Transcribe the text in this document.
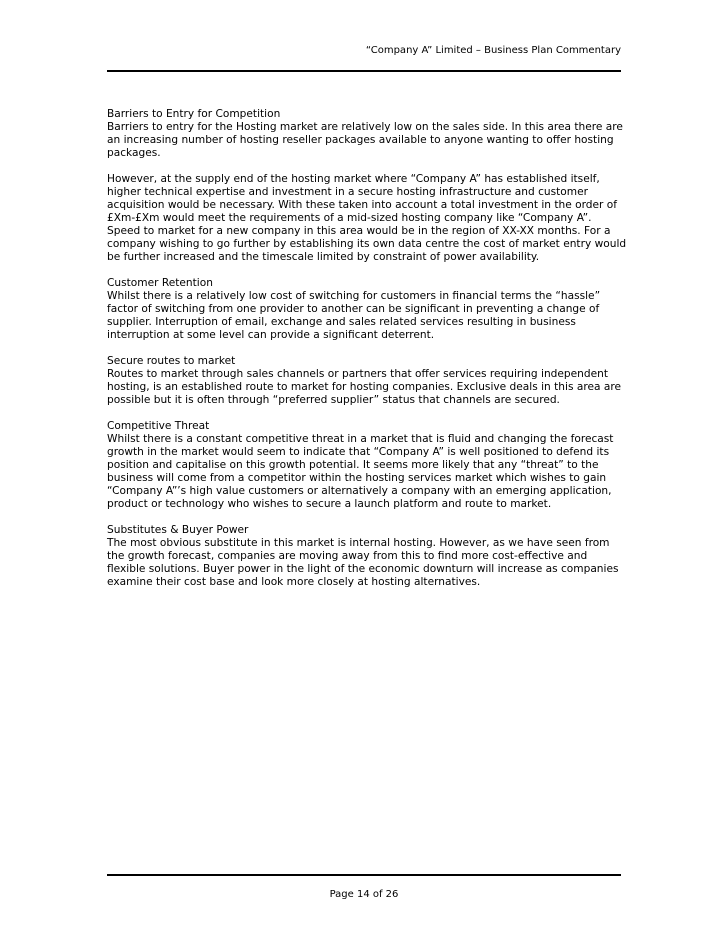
“Company A” Limited – Business Plan Commentary
Barriers to Entry for Competition

Barriers to entry for the Hosting market are relatively low on the sales side. In this area there are an increasing number of hosting reseller packages available to anyone wanting to offer hosting packages.

However, at the supply end of the hosting market where “Company A” has established itself, higher technical expertise and investment in a secure hosting infrastructure and customer acquisition would be necessary. With these taken into account a total investment in the order of £Xm-£Xm would meet the requirements of a mid-sized hosting company like “Company A”. Speed to market for a new company in this area would be in the region of XX-XX months. For a company wishing to go further by establishing its own data centre the cost of market entry would be further increased and the timescale limited by constraint of power availability.

Customer Retention

Whilst there is a relatively low cost of switching for customers in financial terms the “hassle” factor of switching from one provider to another can be significant in preventing a change of supplier. Interruption of email, exchange and sales related services resulting in business interruption at some level can provide a significant deterrent.

Secure routes to market

Routes to market through sales channels or partners that offer services requiring independent hosting, is an established route to market for hosting companies. Exclusive deals in this area are possible but it is often through “preferred supplier” status that channels are secured.

Competitive Threat

Whilst there is a constant competitive threat in a market that is fluid and changing the forecast growth in the market would seem to indicate that “Company A” is well positioned to defend its position and capitalise on this growth potential. It seems more likely that any “threat” to the business will come from a competitor within the hosting services market which wishes to gain “Company A”’s high value customers or alternatively a company with an emerging application, product or technology who wishes to secure a launch platform and route to market.

Substitutes & Buyer Power

The most obvious substitute in this market is internal hosting. However, as we have seen from the growth forecast, companies are moving away from this to find more cost-effective and flexible solutions. Buyer power in the light of the economic downturn will increase as companies examine their cost base and look more closely at hosting alternatives.

Page 14 of 26
